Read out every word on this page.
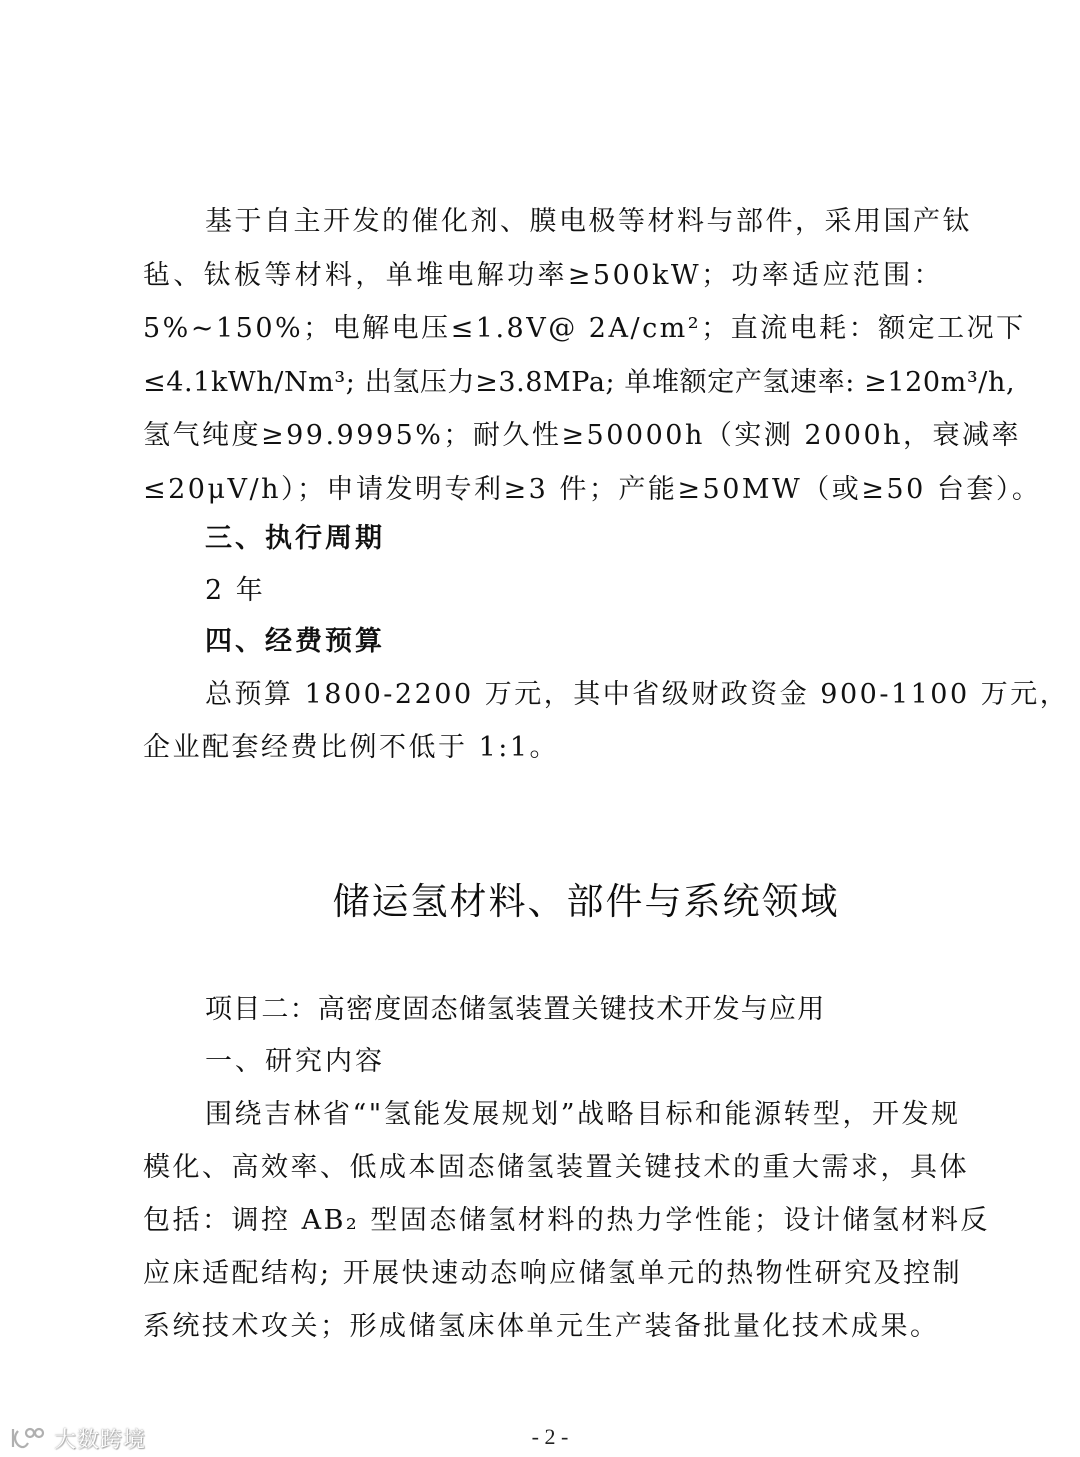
基于自主开发的催化剂、膜电极等材料与部件，采用国产钛
毡、钛板等材料，单堆电解功率≥500kW；功率适应范围：
5%~150%；电解电压≤1.8V@ 2A/cm²；直流电耗：额定工况下
≤4.1kWh/Nm³; 出氢压力≥3.8MPa; 单堆额定产氢速率: ≥120m³/h,
氢气纯度≥99.9995%；耐久性≥50000h（实测 2000h，衰减率
≤20μV/h）；申请发明专利≥3 件；产能≥50MW（或≥50 台套）。
三、执行周期
2 年
四、经费预算
总预算 1800-2200 万元，其中省级财政资金 900-1100 万元，
企业配套经费比例不低于 1:1。
储运氢材料、部件与系统领域
项目二：高密度固态储氢装置关键技术开发与应用
一、研究内容
围绕吉林省“"氢能发展规划”战略目标和能源转型，开发规
模化、高效率、低成本固态储氢装置关键技术的重大需求，具体
包括：调控 AB₂ 型固态储氢材料的热力学性能；设计储氢材料反
应床适配结构; 开展快速动态响应储氢单元的热物性研究及控制
系统技术攻关；形成储氢床体单元生产装备批量化技术成果。
大数跨境	- 2 -
